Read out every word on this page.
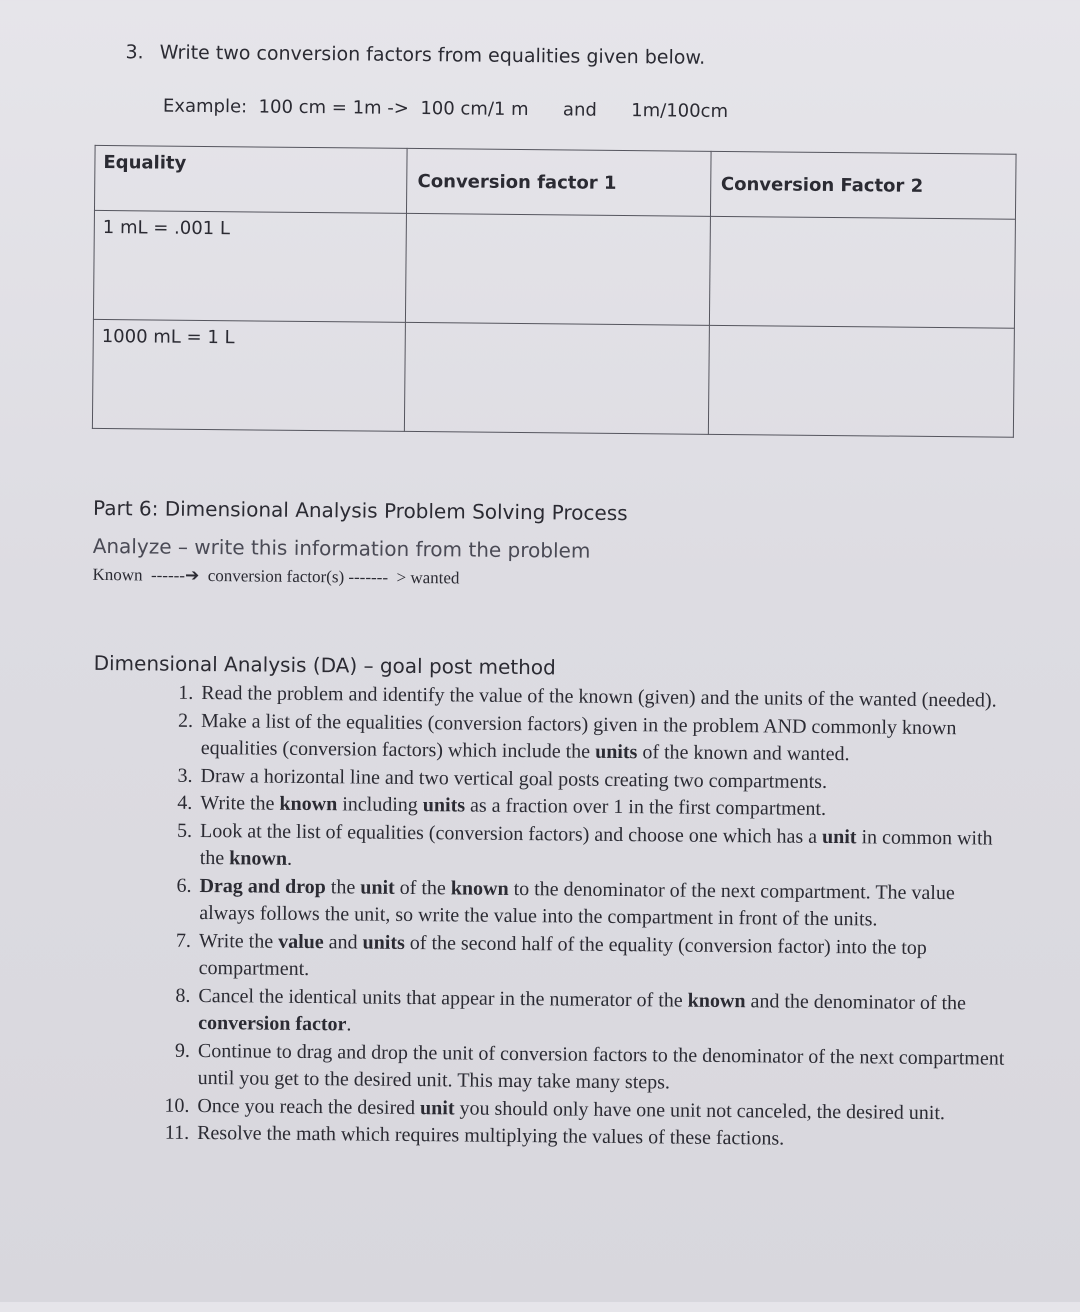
3. Write two conversion factors from equalities given below.
Example: 100 cm = 1m -> 100 cm/1 m and 1m/100cm
Equality	Conversion factor 1	Conversion Factor 2
1 mL = .001 L		
1000 mL = 1 L		
Part 6: Dimensional Analysis Problem Solving Process
Analyze – write this information from the problem
Known  ------➔  conversion factor(s) -------  > wanted
Dimensional Analysis (DA) – goal post method
1. Read the problem and identify the value of the known (given) and the units of the wanted (needed).
2. Make a list of the equalities (conversion factors) given in the problem AND commonly known equalities (conversion factors) which include the units of the known and wanted.
3. Draw a horizontal line and two vertical goal posts creating two compartments.
4. Write the known including units as a fraction over 1 in the first compartment.
5. Look at the list of equalities (conversion factors) and choose one which has a unit in common with the known.
6. Drag and drop the unit of the known to the denominator of the next compartment. The value always follows the unit, so write the value into the compartment in front of the units.
7. Write the value and units of the second half of the equality (conversion factor) into the top compartment.
8. Cancel the identical units that appear in the numerator of the known and the denominator of the conversion factor.
9. Continue to drag and drop the unit of conversion factors to the denominator of the next compartment until you get to the desired unit. This may take many steps.
10. Once you reach the desired unit you should only have one unit not canceled, the desired unit.
11. Resolve the math which requires multiplying the values of these factions.
